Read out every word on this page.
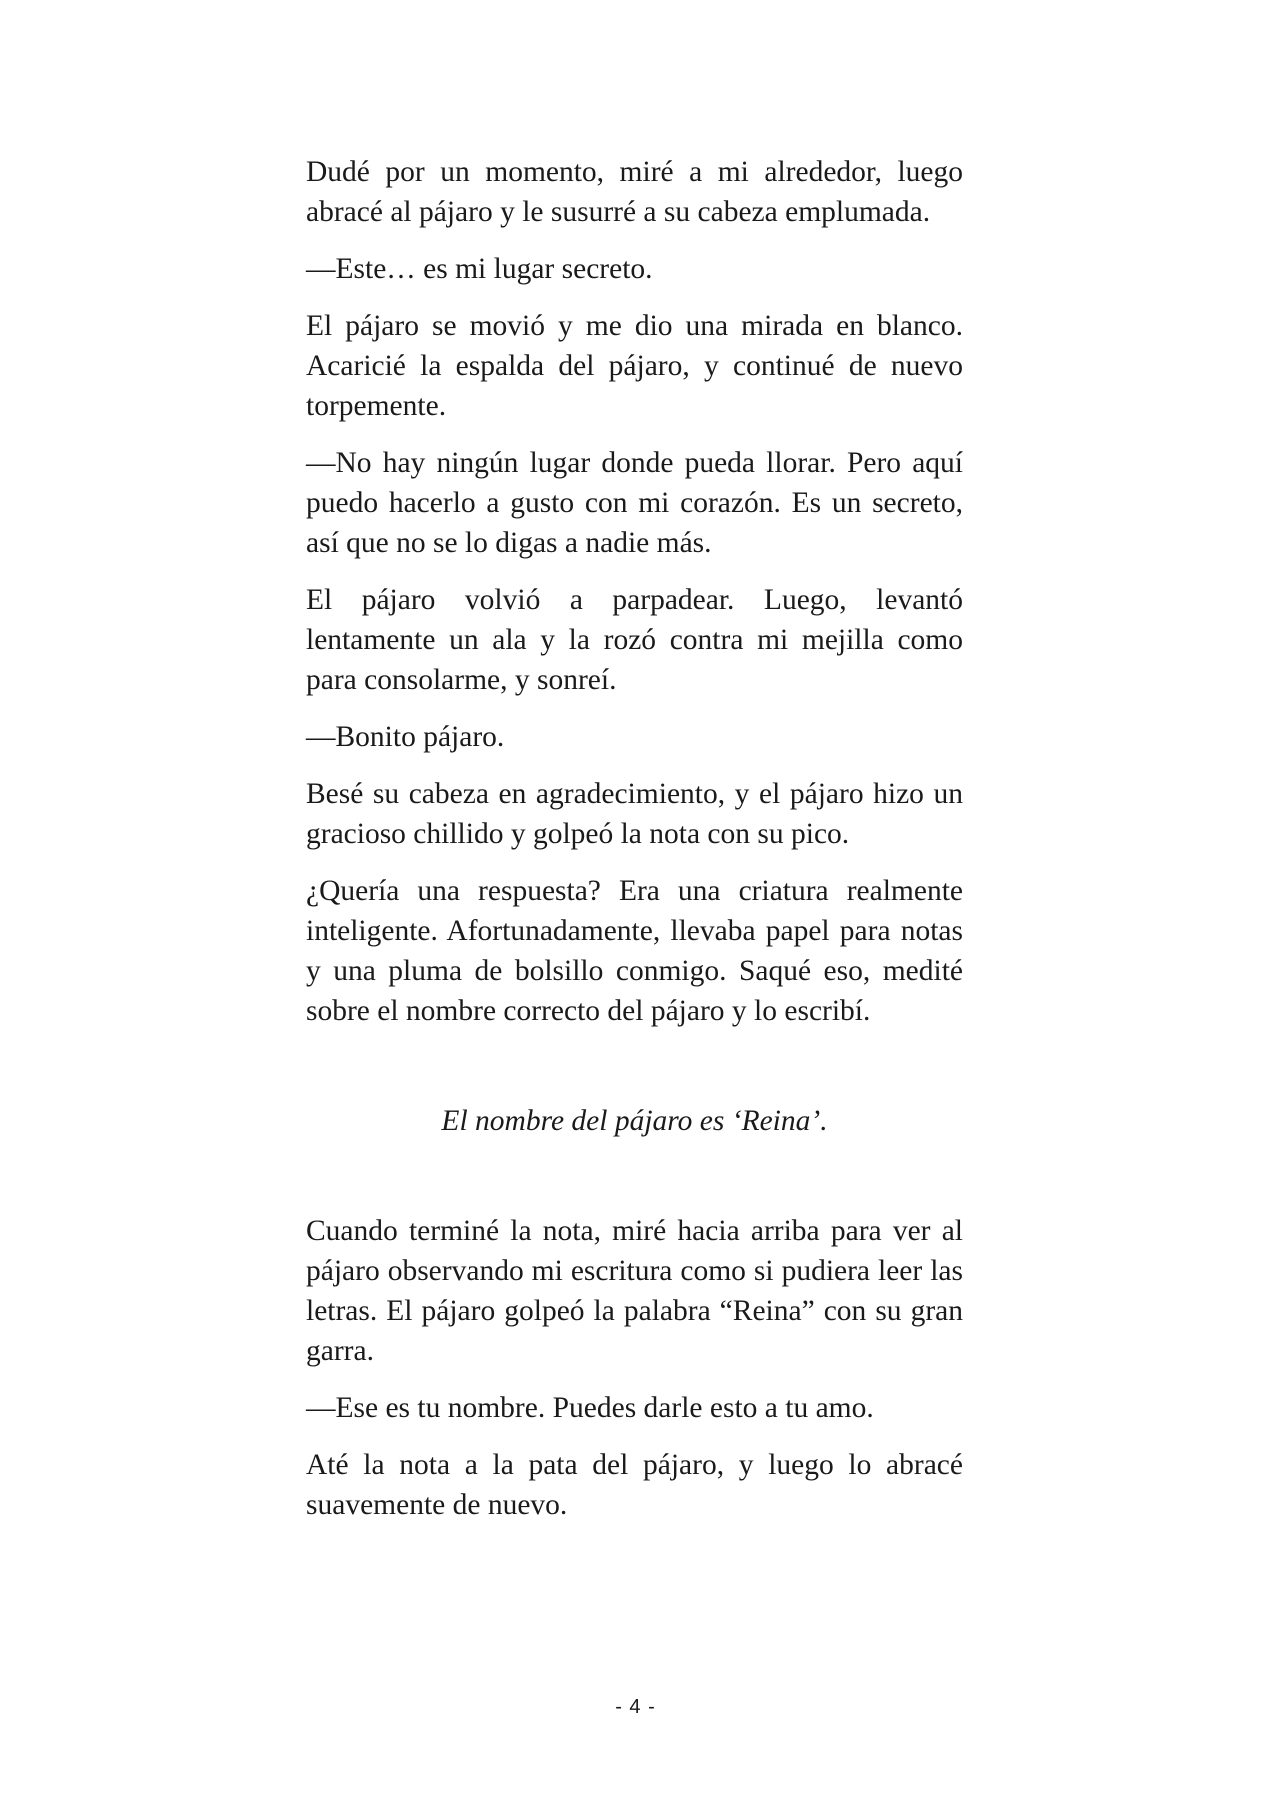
Dudé por un momento, miré a mi alrededor, luego abracé al pájaro y le susurré a su cabeza emplumada.

—Este… es mi lugar secreto.

El pájaro se movió y me dio una mirada en blanco. Acaricié la espalda del pájaro, y continué de nuevo torpemente.

—No hay ningún lugar donde pueda llorar. Pero aquí puedo hacerlo a gusto con mi corazón. Es un secreto, así que no se lo digas a nadie más.

El pájaro volvió a parpadear. Luego, levantó lentamente un ala y la rozó contra mi mejilla como para consolarme, y sonreí.

—Bonito pájaro.

Besé su cabeza en agradecimiento, y el pájaro hizo un gracioso chillido y golpeó la nota con su pico.

¿Quería una respuesta? Era una criatura realmente inteligente. Afortunadamente, llevaba papel para notas y una pluma de bolsillo conmigo. Saqué eso, medité sobre el nombre correcto del pájaro y lo escribí.

El nombre del pájaro es ‘Reina’.

Cuando terminé la nota, miré hacia arriba para ver al pájaro observando mi escritura como si pudiera leer las letras. El pájaro golpeó la palabra “Reina” con su gran garra.

—Ese es tu nombre. Puedes darle esto a tu amo.

Até la nota a la pata del pájaro, y luego lo abracé suavemente de nuevo.

- 4 -
